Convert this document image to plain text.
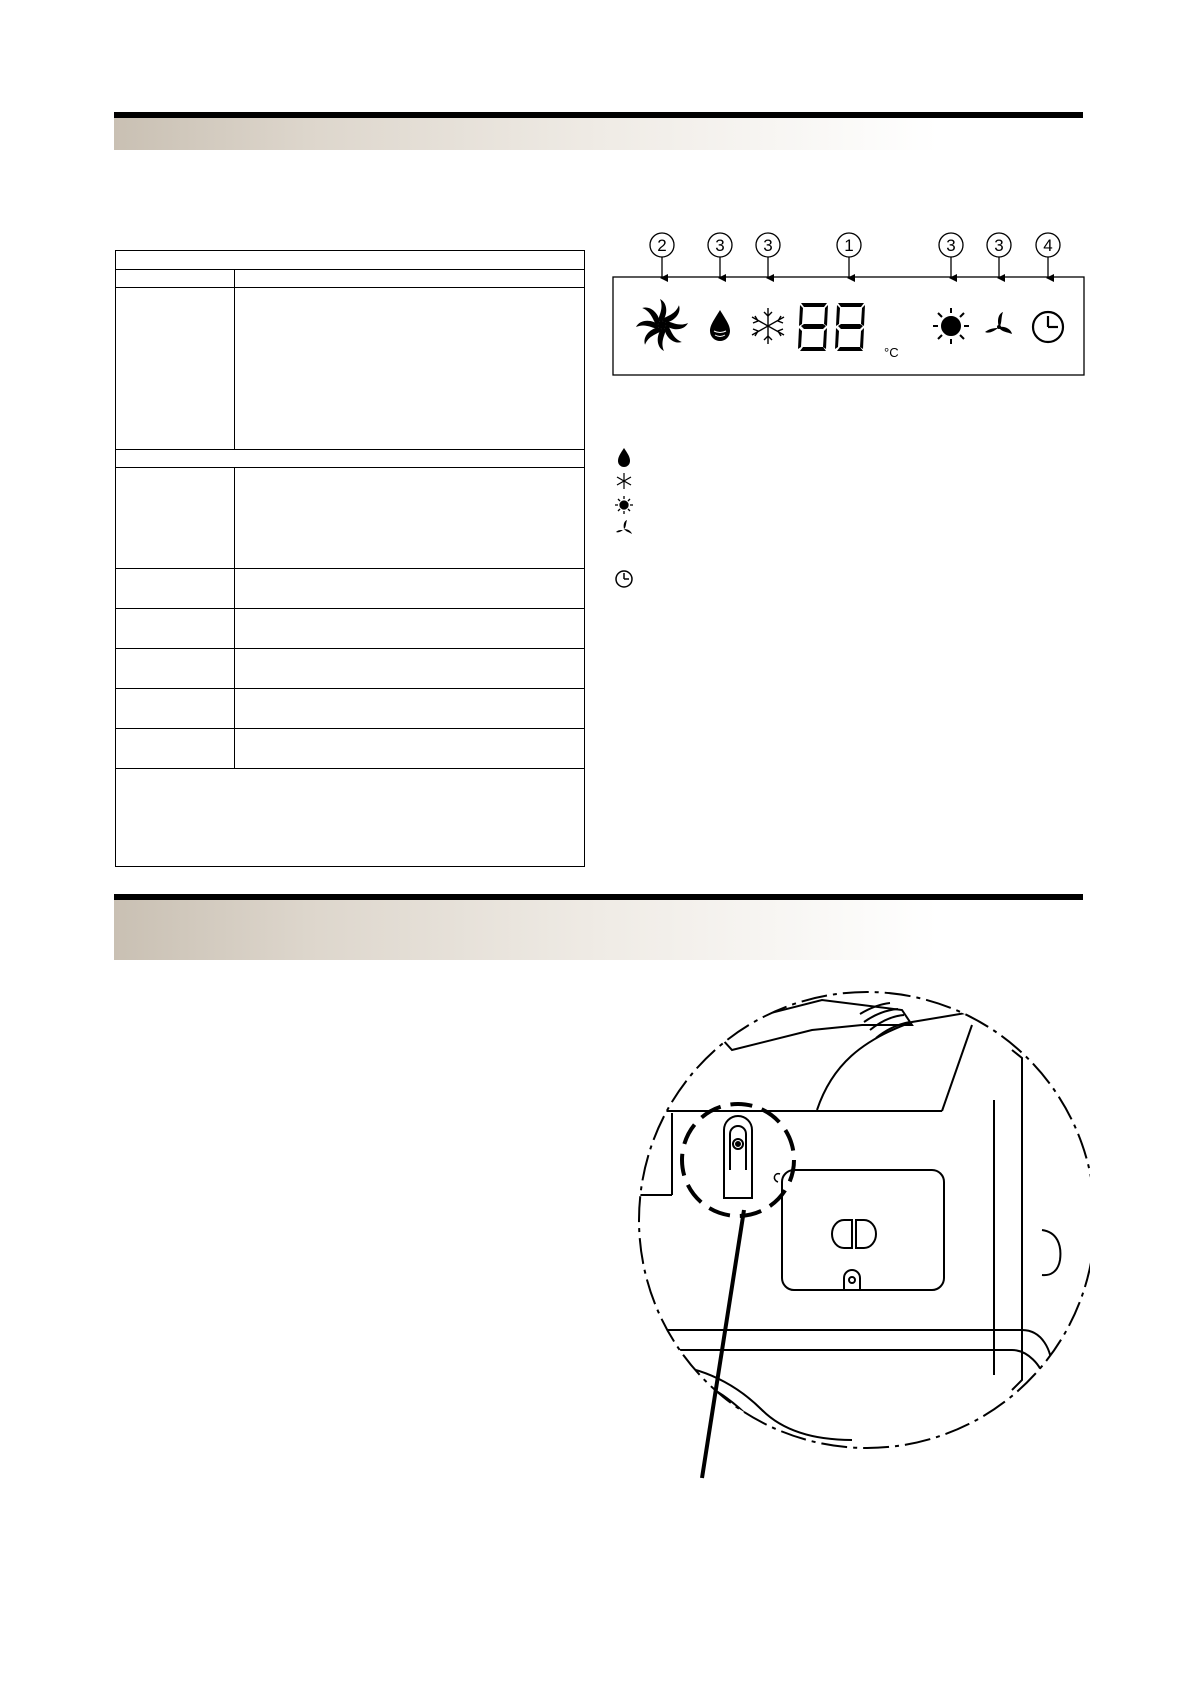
2	3 3	1	3 3 4
°C
